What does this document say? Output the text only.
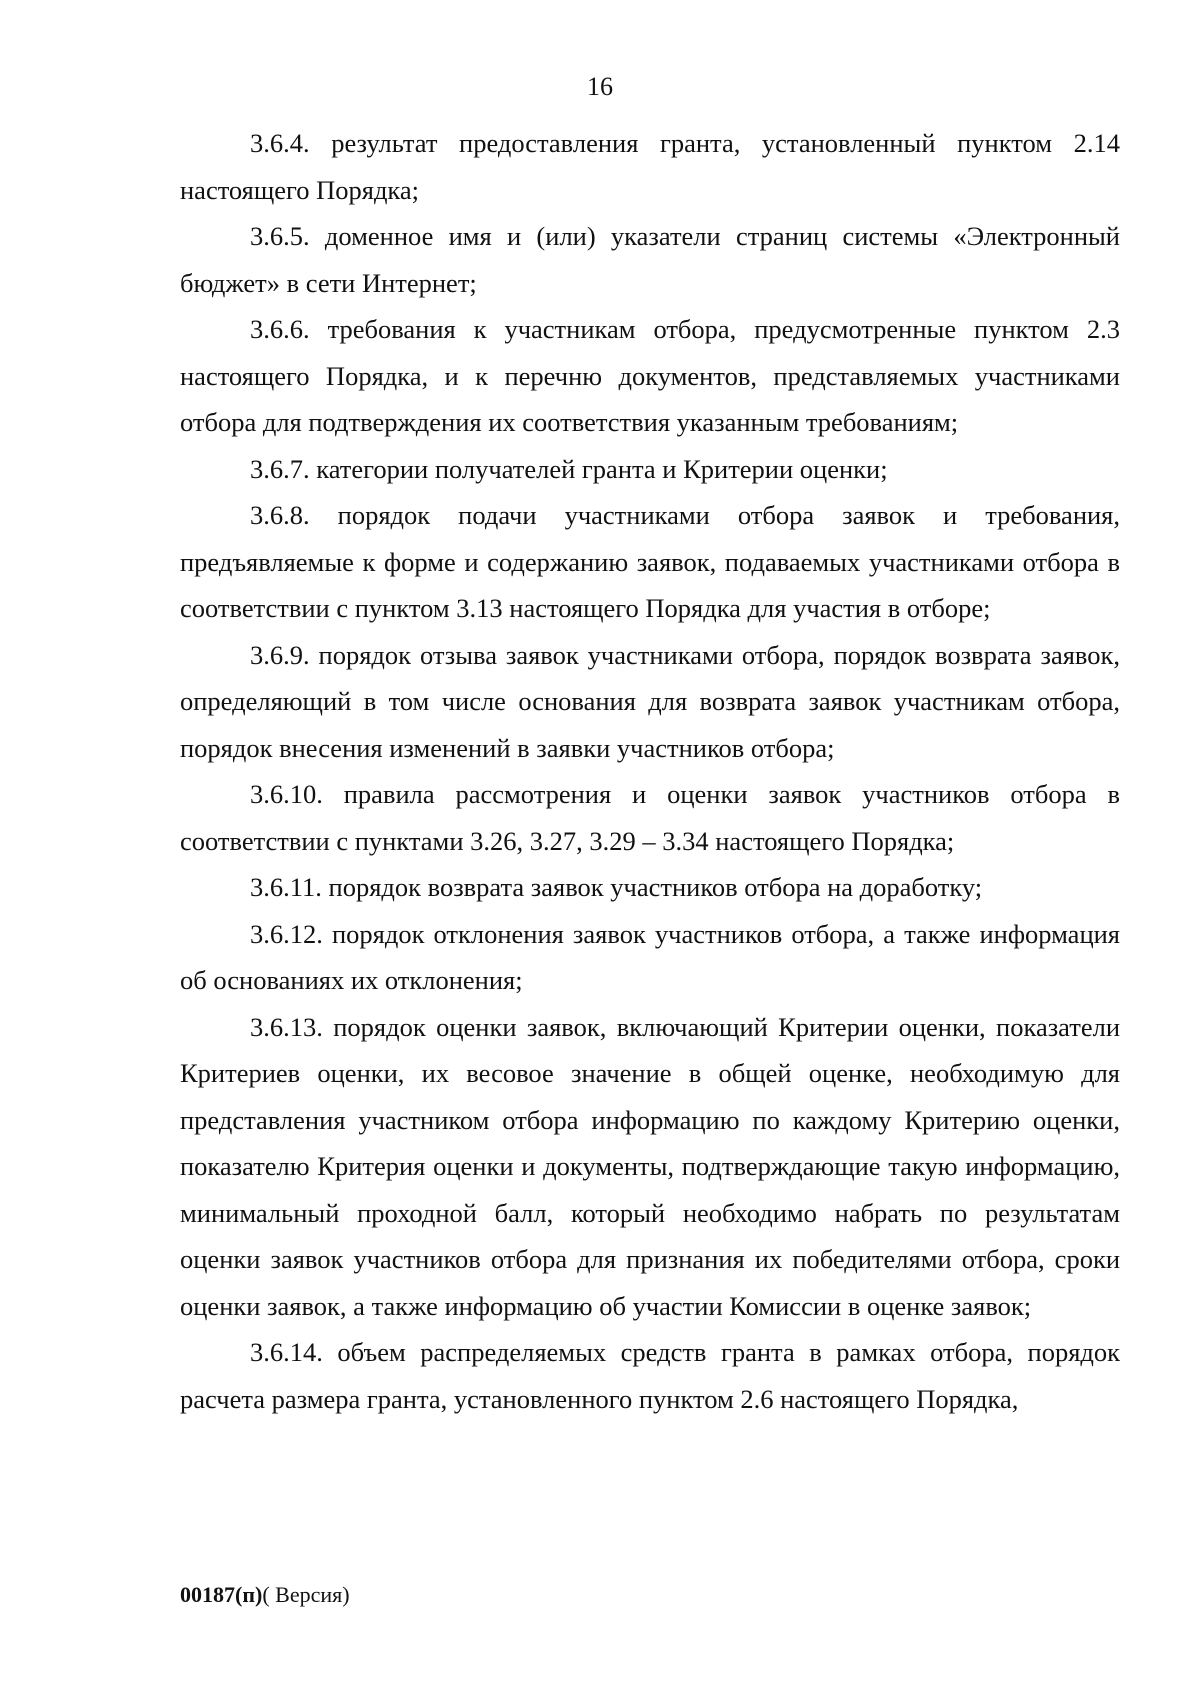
16

3.6.4. результат предоставления гранта, установленный пунктом 2.14 настоящего Порядка;

3.6.5. доменное имя и (или) указатели страниц системы «Электронный бюджет» в сети Интернет;

3.6.6. требования к участникам отбора, предусмотренные пунктом 2.3 настоящего Порядка, и к перечню документов, представляемых участниками отбора для подтверждения их соответствия указанным требованиям;

3.6.7. категории получателей гранта и Критерии оценки;

3.6.8. порядок подачи участниками отбора заявок и требования, предъявляемые к форме и содержанию заявок, подаваемых участниками отбора в соответствии с пунктом 3.13 настоящего Порядка для участия в отборе;

3.6.9. порядок отзыва заявок участниками отбора, порядок возврата заявок, определяющий в том числе основания для возврата заявок участникам отбора, порядок внесения изменений в заявки участников отбора;

3.6.10. правила рассмотрения и оценки заявок участников отбора в соответствии с пунктами 3.26, 3.27, 3.29 – 3.34 настоящего Порядка;

3.6.11. порядок возврата заявок участников отбора на доработку;

3.6.12. порядок отклонения заявок участников отбора, а также информация об основаниях их отклонения;

3.6.13. порядок оценки заявок, включающий Критерии оценки, показатели Критериев оценки, их весовое значение в общей оценке, необходимую для представления участником отбора информацию по каждому Критерию оценки, показателю Критерия оценки и документы, подтверждающие такую информацию, минимальный проходной балл, который необходимо набрать по результатам оценки заявок участников отбора для признания их победителями отбора, сроки оценки заявок, а также информацию об участии Комиссии в оценке заявок;

3.6.14. объем распределяемых средств гранта в рамках отбора, порядок расчета размера гранта, установленного пунктом 2.6 настоящего Порядка,

00187(п)( Версия)
